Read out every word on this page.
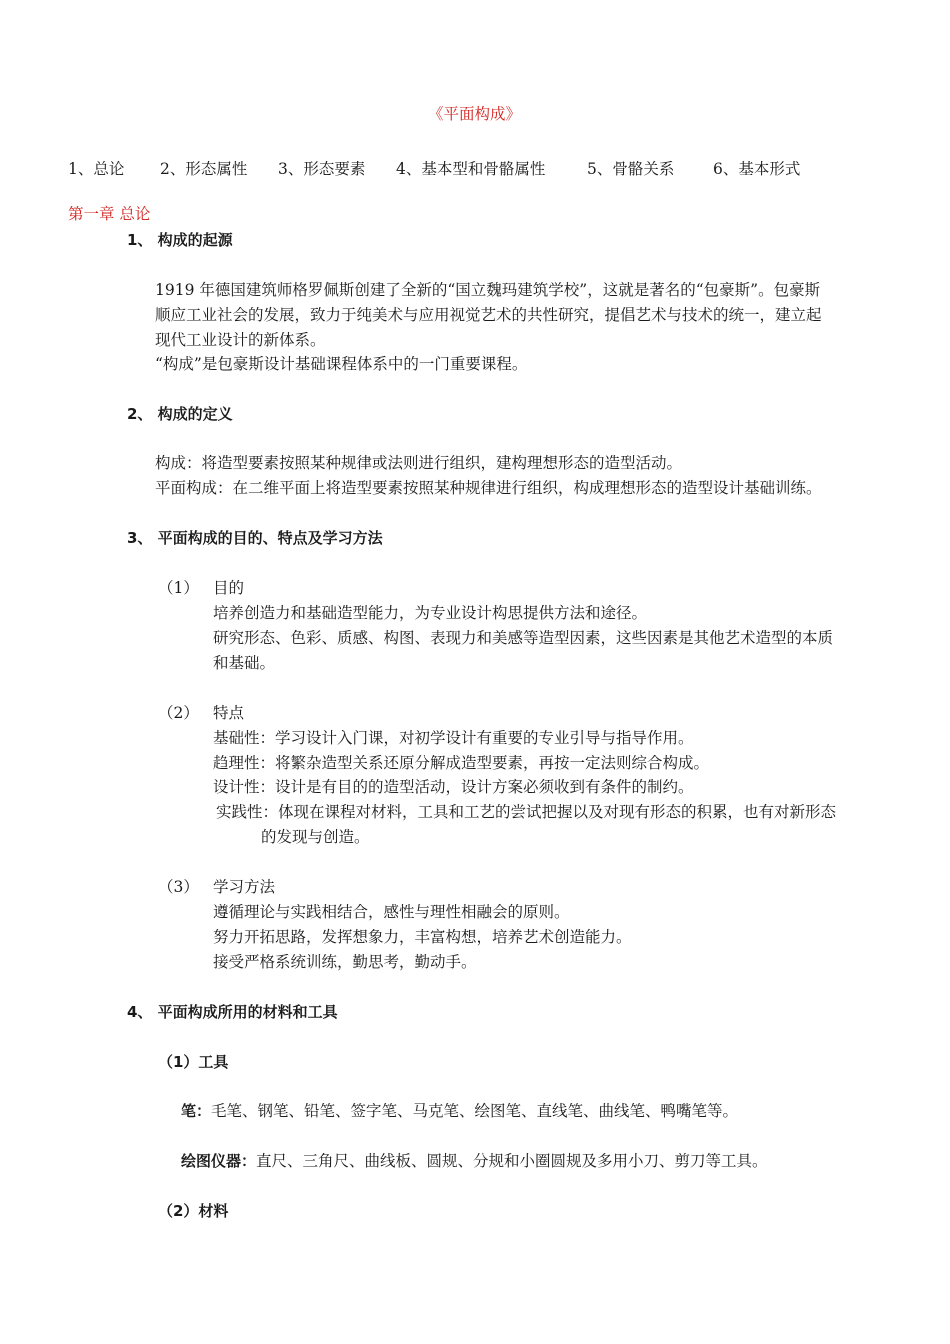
《平面构成》
1、总论 2、形态属性 3、形态要素 4、基本型和骨骼属性	5、骨骼关系 6、基本形式
第一章 总论
1、 构成的起源
1919 年德国建筑师格罗佩斯创建了全新的“国立魏玛建筑学校”，这就是著名的“包豪斯”。包豪斯
顺应工业社会的发展，致力于纯美术与应用视觉艺术的共性研究，提倡艺术与技术的统一，建立起
现代工业设计的新体系。
“构成”是包豪斯设计基础课程体系中的一门重要课程。
2、 构成的定义
构成：将造型要素按照某种规律或法则进行组织，建构理想形态的造型活动。
平面构成：在二维平面上将造型要素按照某种规律进行组织，构成理想形态的造型设计基础训练。
3、 平面构成的目的、特点及学习方法
（1） 目的
培养创造力和基础造型能力，为专业设计构思提供方法和途径。
研究形态、色彩、质感、构图、表现力和美感等造型因素，这些因素是其他艺术造型的本质
和基础。
（2） 特点
基础性：学习设计入门课，对初学设计有重要的专业引导与指导作用。
趋理性：将繁杂造型关系还原分解成造型要素，再按一定法则综合构成。
设计性：设计是有目的的造型活动，设计方案必须收到有条件的制约。
实践性：体现在课程对材料，工具和工艺的尝试把握以及对现有形态的积累，也有对新形态
的发现与创造。
（3） 学习方法
遵循理论与实践相结合，感性与理性相融会的原则。
努力开拓思路，发挥想象力，丰富构想，培养艺术创造能力。
接受严格系统训练，勤思考，勤动手。
4、 平面构成所用的材料和工具
（1）工具
笔：毛笔、钢笔、铅笔、签字笔、马克笔、绘图笔、直线笔、曲线笔、鸭嘴笔等。
绘图仪器：直尺、三角尺、曲线板、圆规、分规和小圈圆规及多用小刀、剪刀等工具。
（2）材料
